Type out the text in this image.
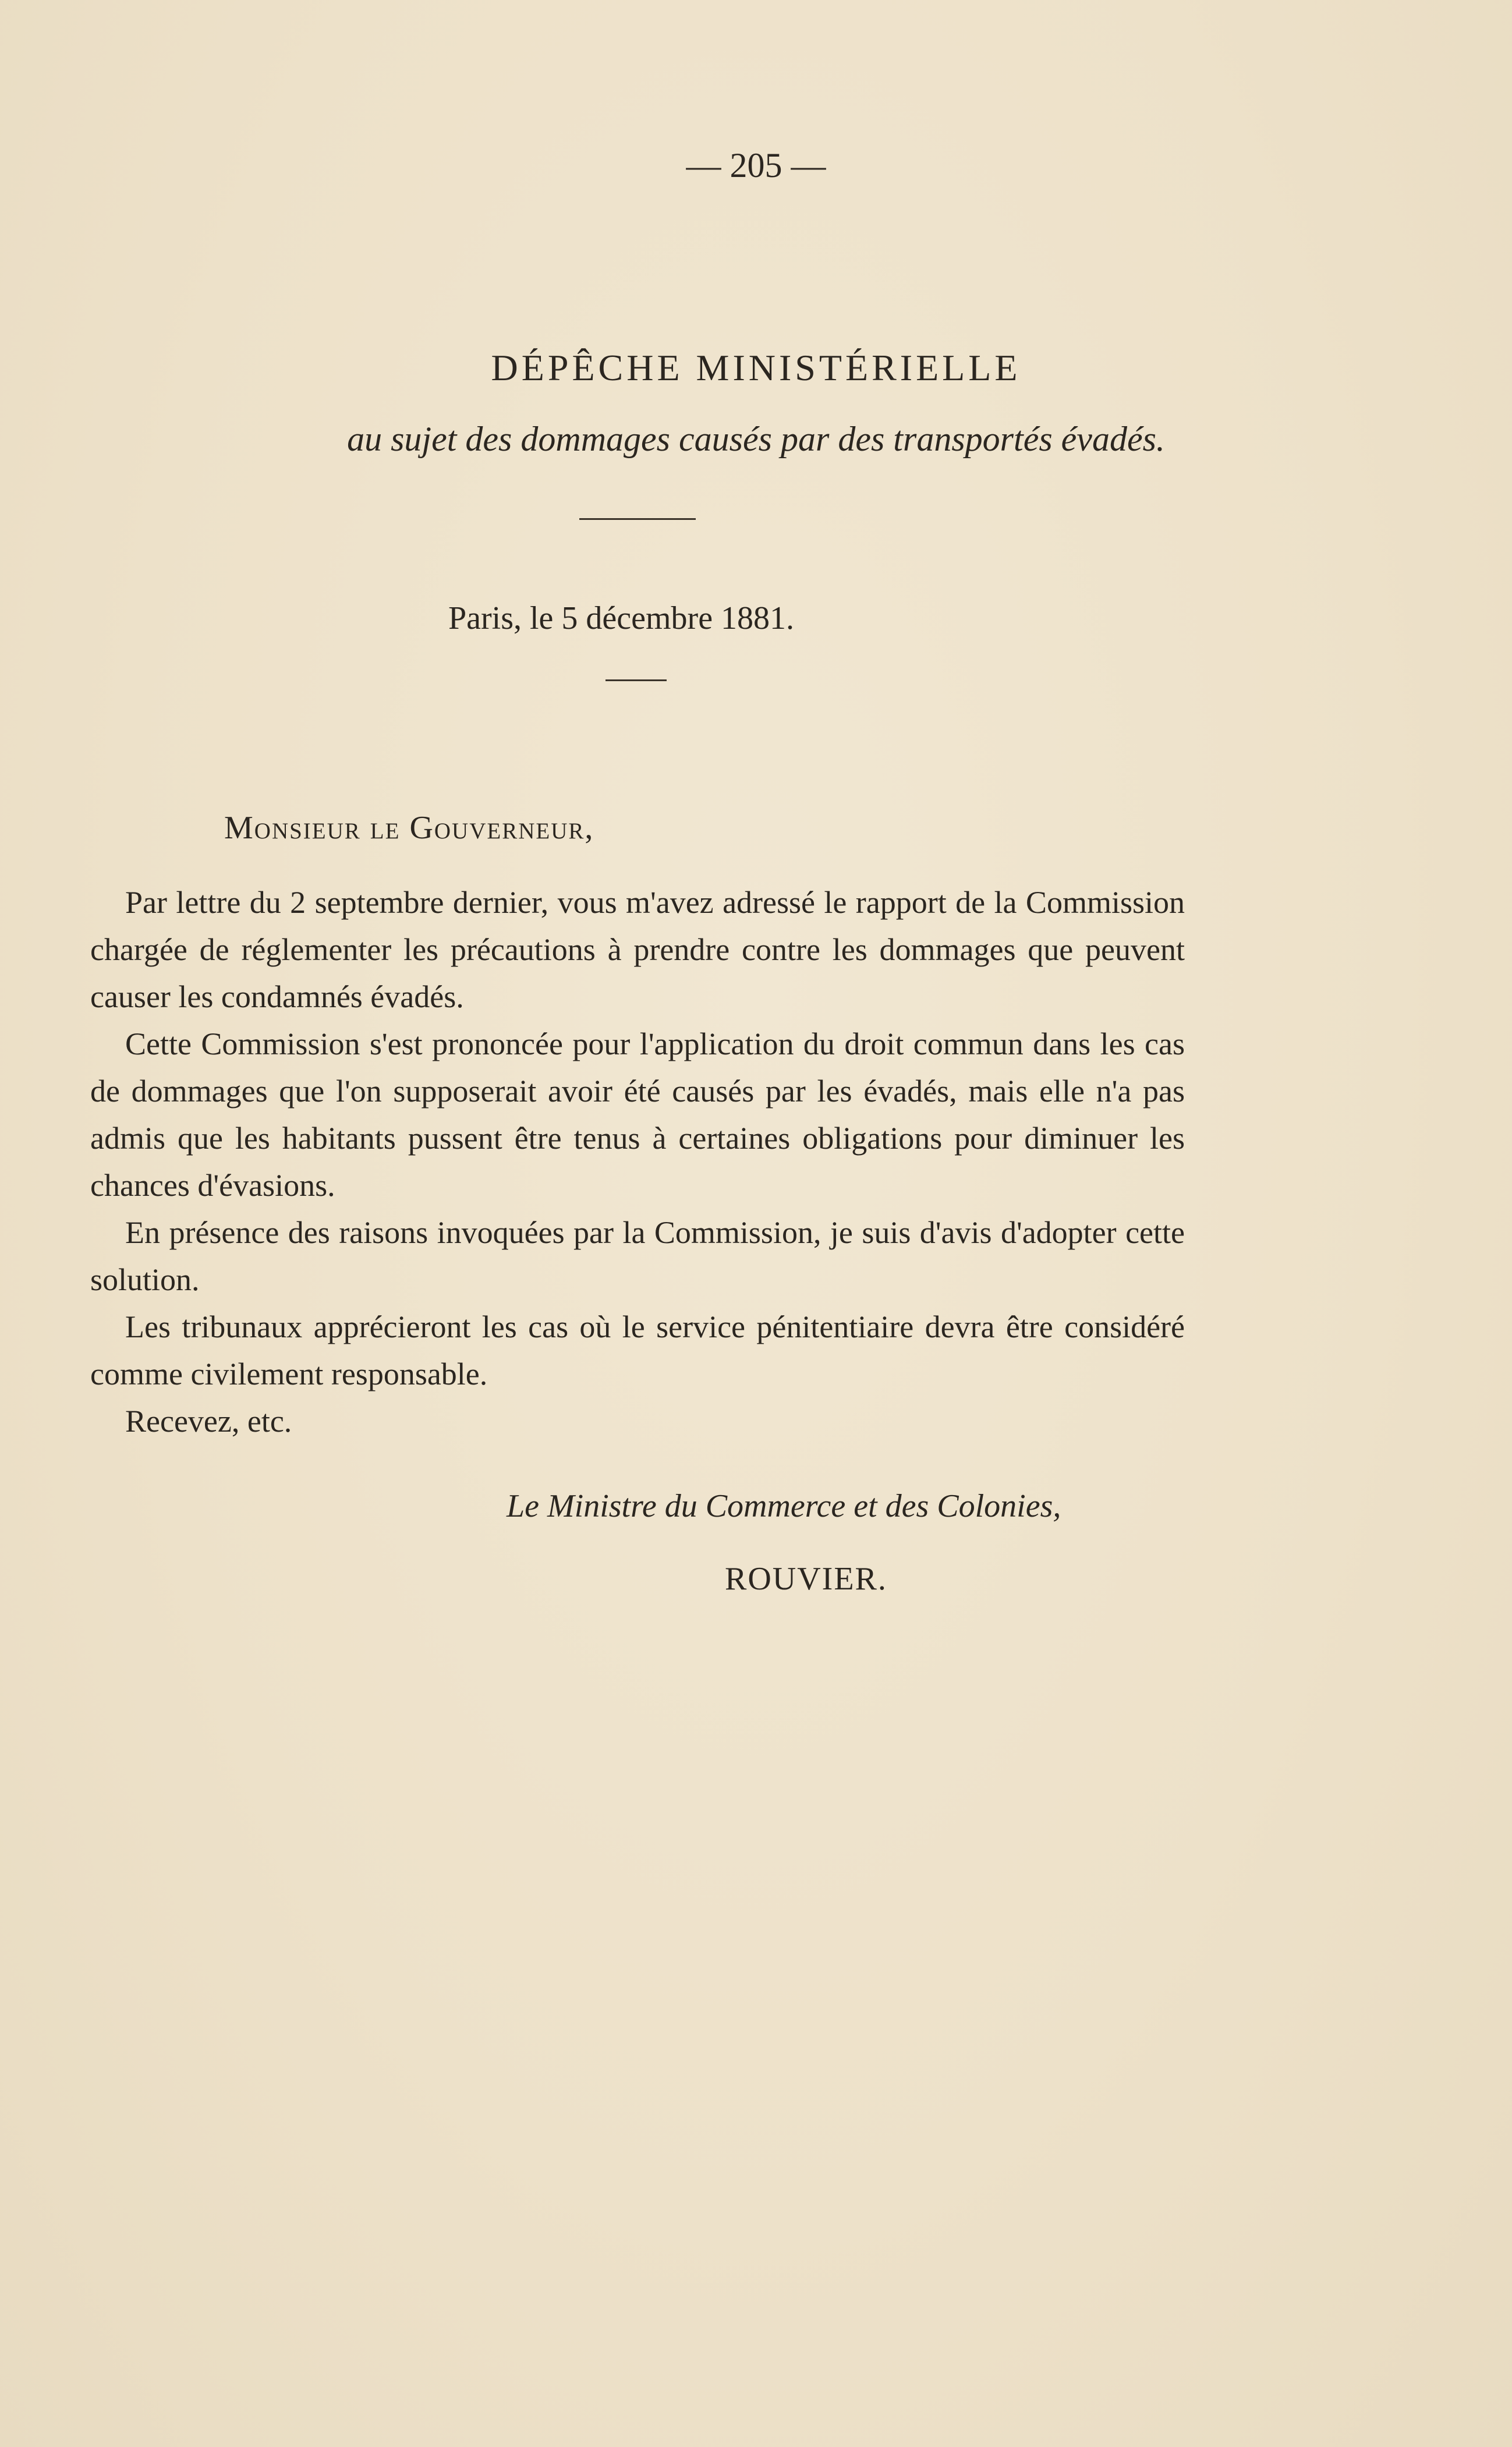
— 205 —
DÉPÊCHE MINISTÉRIELLE
au sujet des dommages causés par des transportés évadés.
Paris, le 5 décembre 1881.
Monsieur le Gouverneur,

Par lettre du 2 septembre dernier, vous m'avez adressé le rapport de la Commission chargée de réglementer les précautions à prendre contre les dommages que peuvent causer les condamnés évadés.

Cette Commission s'est prononcée pour l'application du droit commun dans les cas de dommages que l'on supposerait avoir été causés par les évadés, mais elle n'a pas admis que les habitants pussent être tenus à certaines obligations pour diminuer les chances d'évasions.

En présence des raisons invoquées par la Commission, je suis d'avis d'adopter cette solution.

Les tribunaux apprécieront les cas où le service pénitentiaire devra être considéré comme civilement responsable.

Recevez, etc.

Le Ministre du Commerce et des Colonies,
ROUVIER.
